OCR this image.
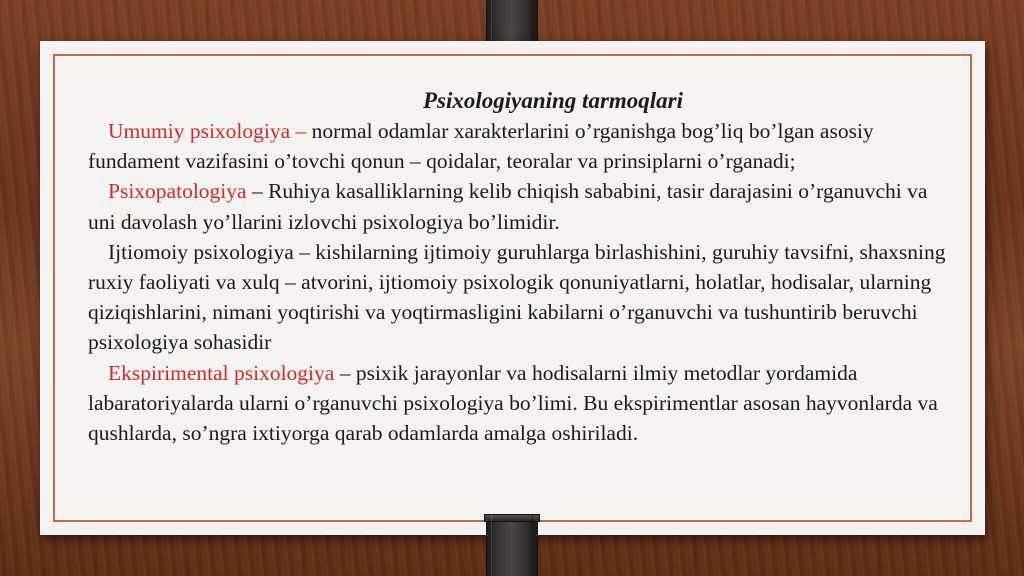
Psixologiyaning tarmoqlari

Umumiy psixologiya – normal odamlar xarakterlarini o’rganishga bog’liq bo’lgan asosiy fundament vazifasini o’tovchi qonun – qoidalar, teoralar va prinsiplarni o’rganadi;

Psixopatologiya – Ruhiya kasalliklarning kelib chiqish sababini, tasir darajasini o’rganuvchi va uni davolash yo’llarini izlovchi psixologiya bo’limidir.

Ijtiomoiy psixologiya – kishilarning ijtimoiy guruhlarga birlashishini, guruhiy tavsifni, shaxsning ruxiy faoliyati va xulq – atvorini, ijtiomoiy psixologik qonuniyatlarni, holatlar, hodisalar, ularning qiziqishlarini, nimani yoqtirishi va yoqtirmasligini kabilarni o’rganuvchi va tushuntirib beruvchi psixologiya sohasidir

Ekspirimental psixologiya – psixik jarayonlar va hodisalarni ilmiy metodlar yordamida labaratoriyalarda ularni o’rganuvchi psixologiya bo’limi. Bu ekspirimentlar asosan hayvonlarda va qushlarda, so’ngra ixtiyorga qarab odamlarda amalga oshiriladi.
